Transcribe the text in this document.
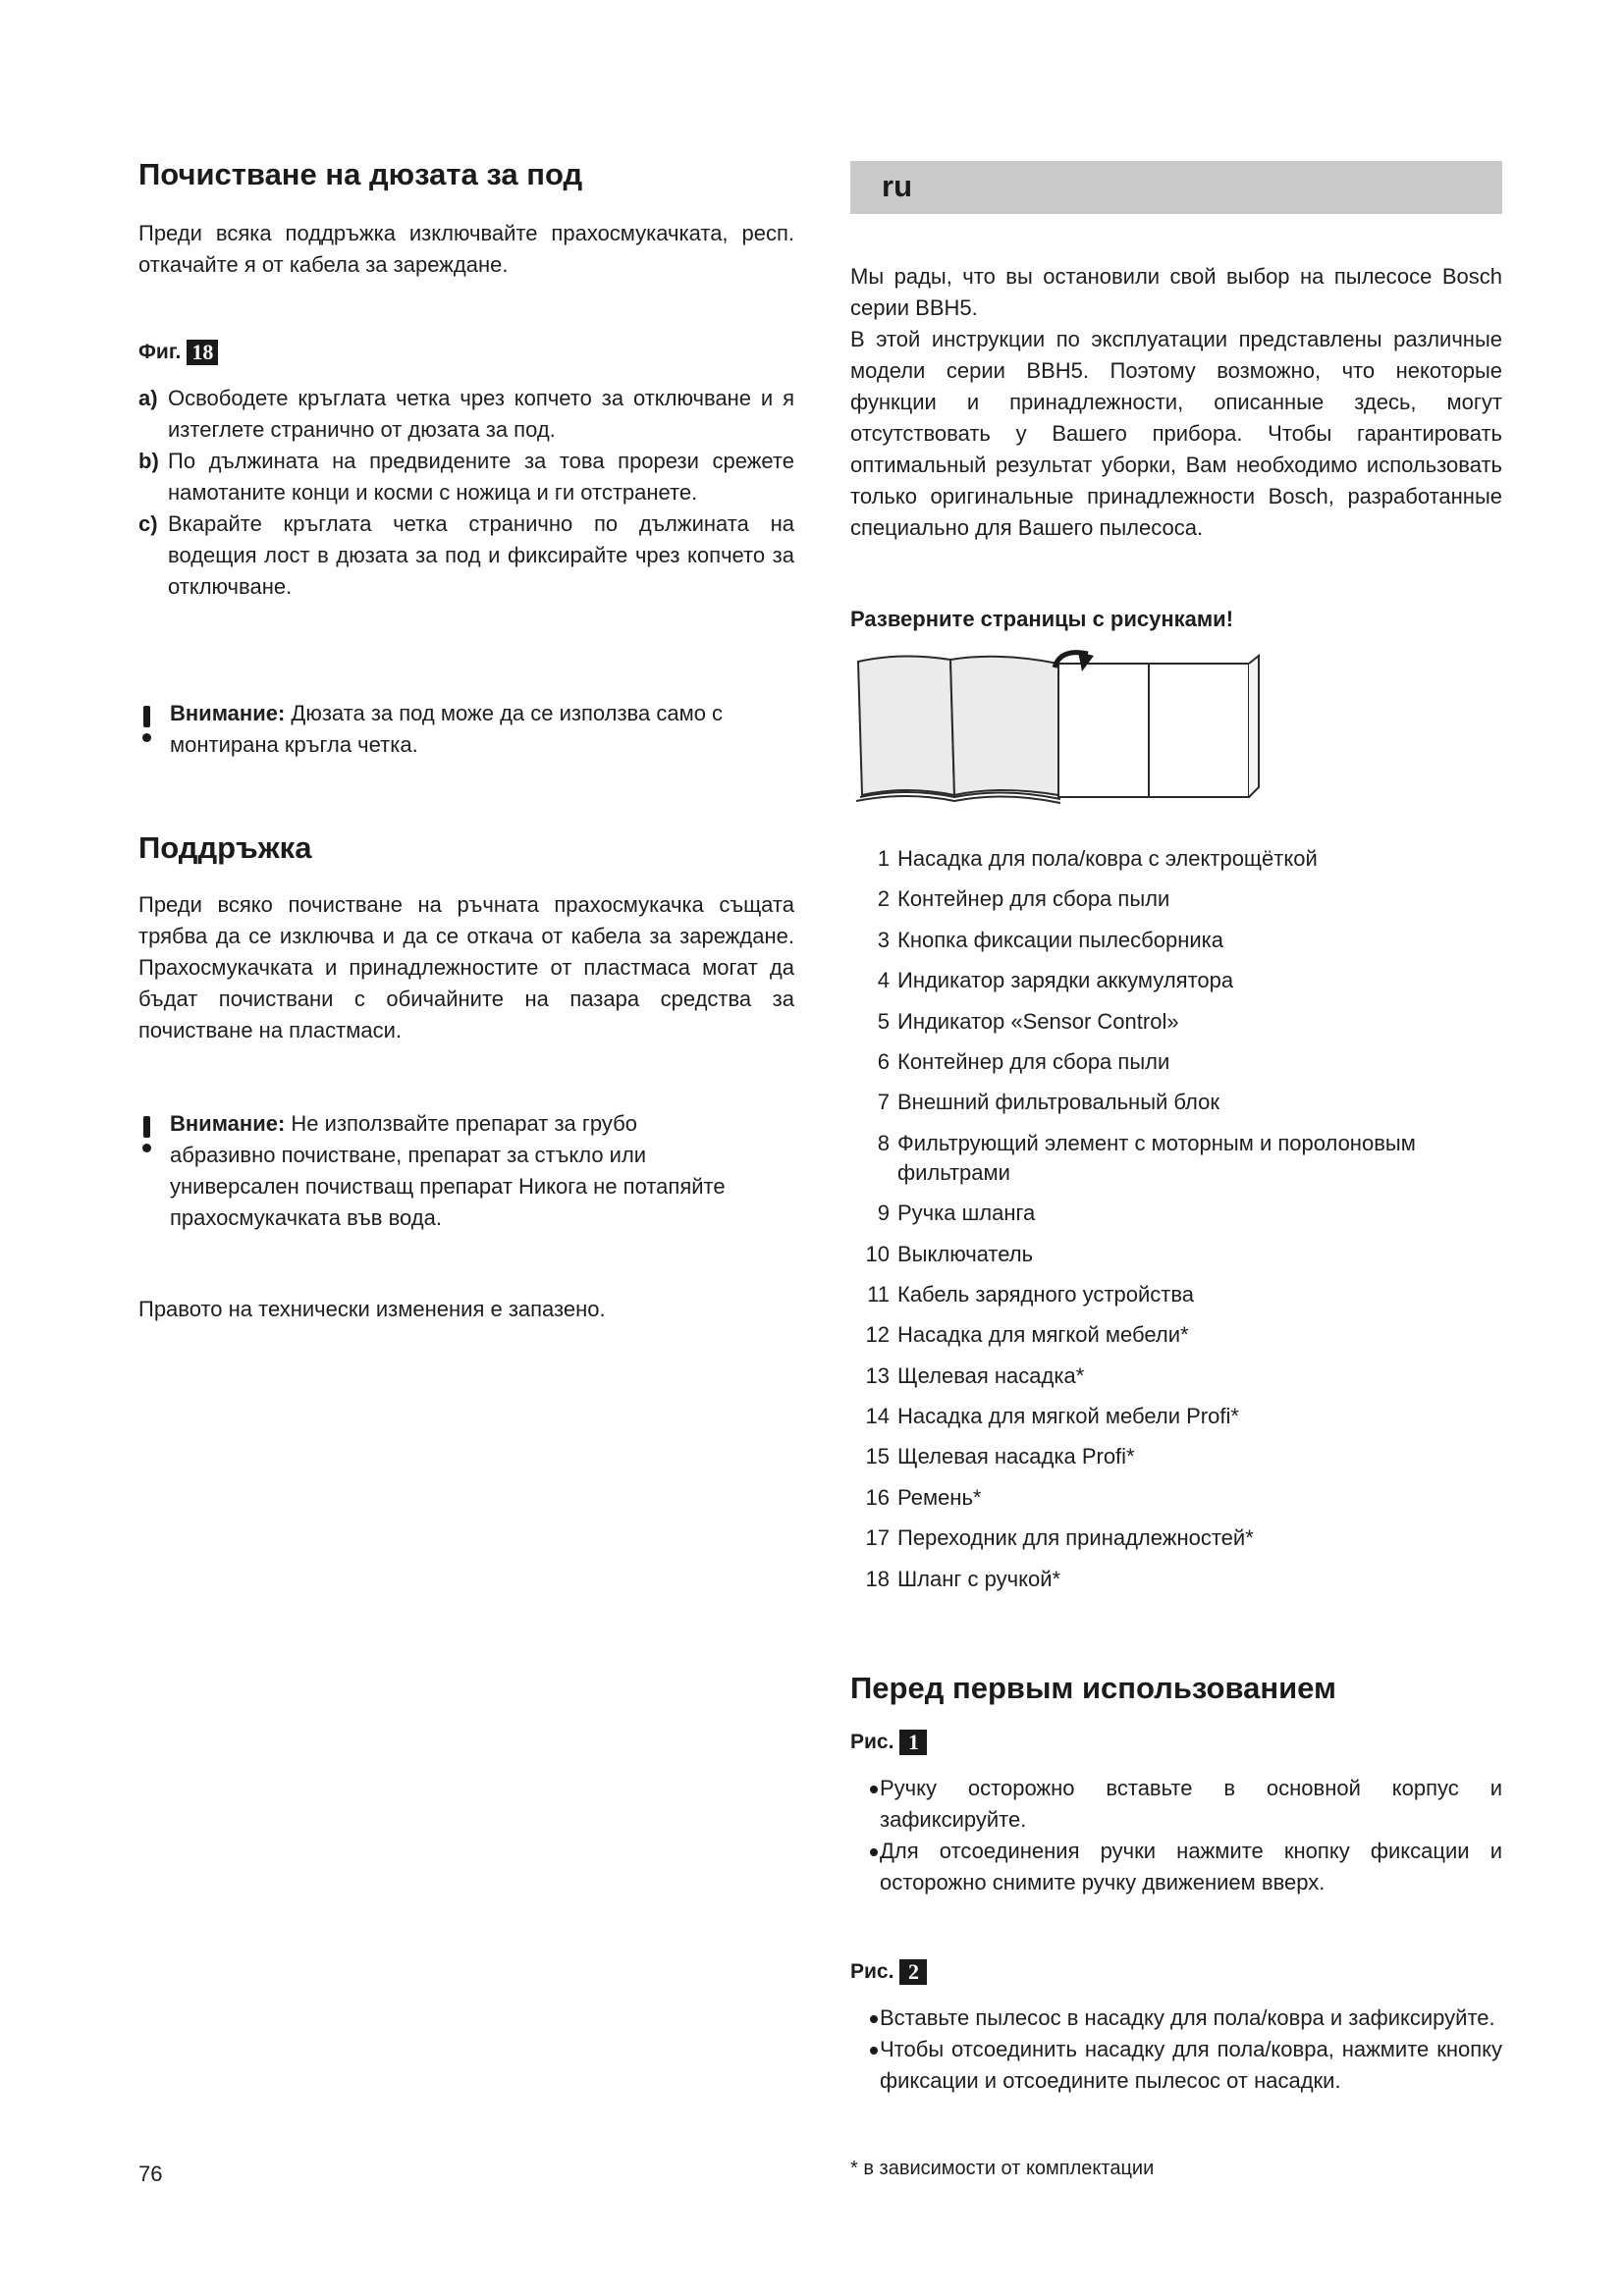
Почистване на дюзата за под

Преди всяка поддръжка изключвайте прахосмукачката, респ. откачайте я от кабела за зареждане.

Фиг. 18
a) Освободете кръглата четка чрез копчето за отключване и я изтеглете странично от дюзата за под.
b) По дължината на предвидените за това прорези срежете намотаните конци и косми с ножица и ги отстранете.
c) Вкарайте кръглата четка странично по дължината на водещия лост в дюзата за под и фиксирайте чрез копчето за отключване.
Внимание: Дюзата за под може да се използва само с монтирана кръгла четка.
Поддръжка

Преди всяко почистване на ръчната прахосмукачка същата трябва да се изключва и да се откача от кабела за зареждане. Прахосмукачката и принадлежностите от пластмаса могат да бъдат почиствани с обичайните на пазара средства за почистване на пластмаси.

Внимание: Не използвайте препарат за грубо абразивно почистване, препарат за стъкло или универсален почистващ препарат Никога не потапяйте прахосмукачката във вода.
Правото на технически изменения е запазено.
76
ru

Мы рады, что вы остановили свой выбор на пылесосе Bosch серии BBH5.

В этой инструкции по эксплуатации представлены различные модели серии BBH5. Поэтому возможно, что некоторые функции и принадлежности, описанные здесь, могут отсутствовать у Вашего прибора. Чтобы гарантировать оптимальный результат уборки, Вам необходимо использовать только оригинальные принадлежности Bosch, разработанные специально для Вашего пылесоса.

Разверните страницы с рисунками!
1 Насадка для пола/ковра с электрощёткой
2 Контейнер для сбора пыли
3 Кнопка фиксации пылесборника
4 Индикатор зарядки аккумулятора
5 Индикатор «Sensor Control»
6 Контейнер для сбора пыли
7 Внешний фильтровальный блок
8 Фильтрующий элемент с моторным и поролоновым фильтрами
9 Ручка шланга
10 Выключатель
11 Кабель зарядного устройства
12 Насадка для мягкой мебели*
13 Щелевая насадка*
14 Насадка для мягкой мебели Profi*
15 Щелевая насадка Profi*
16 Ремень*
17 Переходник для принадлежностей*
18 Шланг с ручкой*
Перед первым использованием
Рис. 1
Ручку осторожно вставьте в основной корпус и зафиксируйте.
Для отсоединения ручки нажмите кнопку фиксации и осторожно снимите ручку движением вверх.
Рис. 2
Вставьте пылесос в насадку для пола/ковра и зафиксируйте.
Чтобы отсоединить насадку для пола/ковра, нажмите кнопку фиксации и отсоедините пылесос от насадки.
* в зависимости от комплектации
